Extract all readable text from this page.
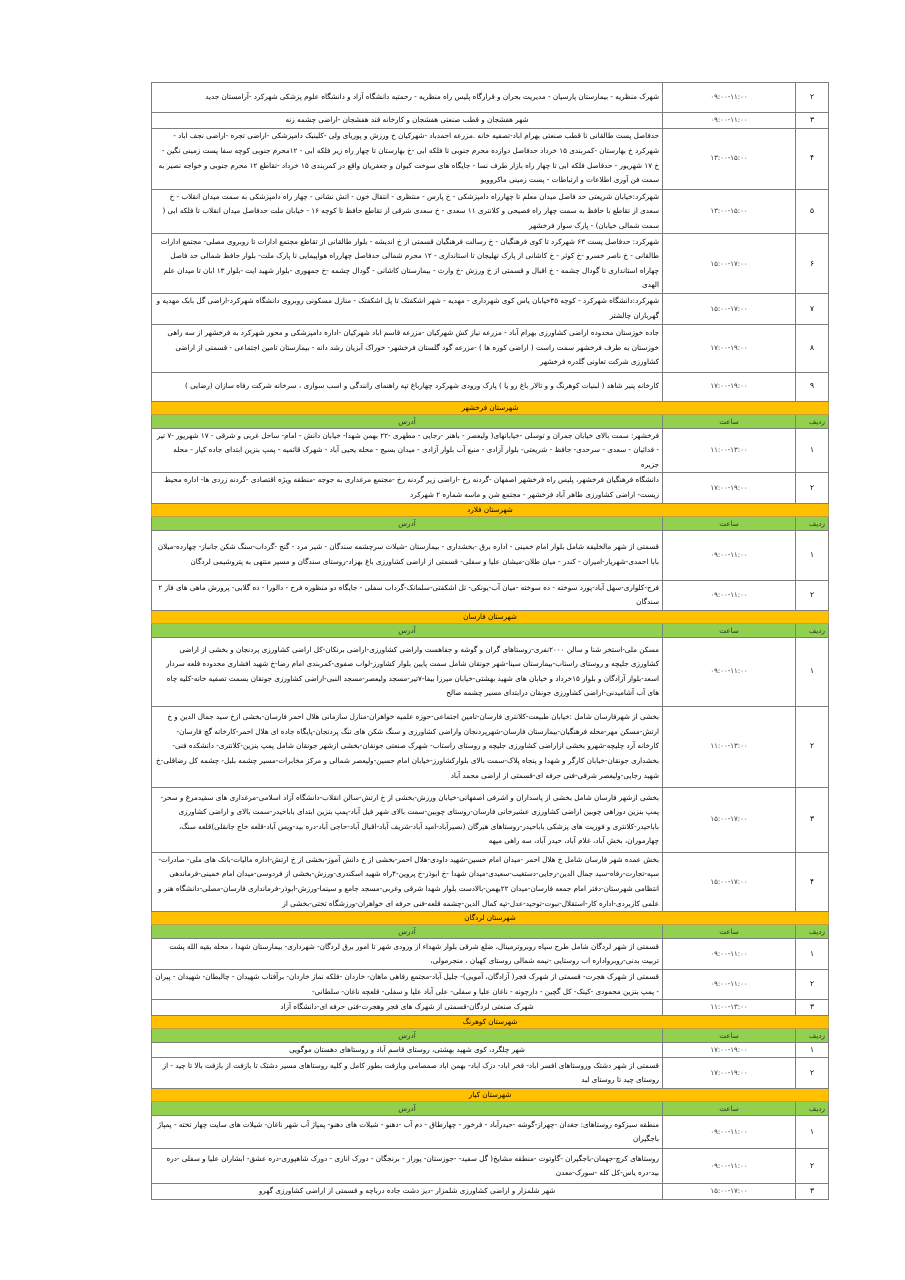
۲	۰۹:۰۰-۱۱:۰۰	شهرک منظریه - بیمارستان پارسیان - مدیریت بحران و قرارگاه پلیس راه منظریه - رحمتیه دانشگاه آزاد و دانشگاه علوم پزشکی شهرکرد -آرامستان جدید
۳	۰۹:۰۰-۱۱:۰۰	شهر هفشجان و قطب صنعتی هفشجان و کارخانه قند هفشجان -اراضی چشمه زنه
۴	۱۳:۰۰-۱۵:۰۰	حدفاصل پست طالقانی تا قطب صنعتی بهرام اباد-تصفیه خانه .مزرعه احمدباد -شهرکیان خ ورزش و پوریای ولی -کلینیک دامپزشکی -اراضی تجره -اراضی نجف اباد - شهرکرد خ بهارستان -کمربندی ۱۵ خرداد حدفاصل دوازده محرم جنوبی تا فلکه ابی -خ بهارستان تا چهار راه زیر فلکه ابی - ۱۲محرم جنوبی کوچه سفا پست زمینی نگین - خ ۱۷ شهریور - حدفاصل فلکه ابی تا چهار راه بازار طرف نسا - جایگاه های سوخت کیوان و جعفریان واقع در کمربندی ۱۵ خرداد -تقاطع ۱۲ محرم جنوبی و خواجه نصیر به سمت فن آوری اطلاعات و ارتباطات - پست زمینی ماکروویو
۵	۱۳:۰۰-۱۵:۰۰	شهرکرد:خیابان شریعتی حد فاصل میدان معلم تا چهارراه دامپزشکی - خ پارس - منتظری - انتقال خون - اتش نشانی - چهار راه دامپزشکی به سمت میدان انقلاب - خ سعدی از تقاطع با حافظ به سمت چهار راه فصیحی و کلانتری ۱۱ سعدی - خ سعدی شرقی از تقاطع حافظ تا کوچه ۱۶ - خیابان ملت حدفاصل میدان انقلاب تا فلکه ابی ( سمت شمالی خیابان) - پارک سوار فرخشهر
۶	۱۵:۰۰-۱۷:۰۰	شهرکرد: حدفاصل پست ۶۳ شهرکرد تا کوی فرهنگیان - خ رسالت فرهنگیان قسمتی از خ اندیشه - بلوار طالقانی از تقاطع مجتمع ادارات تا روبروی مصلی- مجتمع ادارات طالقانی - خ ناصر خسرو -خ کوثر - خ کاشانی از پارک تهلیجان تا استانداری - ۱۲ محرم شمالی حدفاصل چهارراه هواپیمایی تا پارک ملت- بلوار حافظ شمالی حد فاصل چهاراه استانداری تا گودال چشمه - خ اقبال و قسمتی از خ ورزش -خ وارث - بیمارستان کاشانی - گودال چشمه -خ جمهوری -بلوار شهید ایت -بلوار ۱۳ ابان تا میدان علم الهدی
۷	۱۵:۰۰-۱۷:۰۰	شهرکرد:دانشگاه شهرکرد - کوچه ۴۵خیابان یاس کوی شهرداری - مهدیه - شهر اشکفتک تا پل اشکفتک - منازل مسکونی روبروی دانشگاه شهرکرد-اراضی گل بابک مهدیه و گهرباران چالشتر
۸	۱۷:۰۰-۱۹:۰۰	جاده خوزستان محدوده اراضی کشاورزی بهرام آباد - مزرعه نیاز کش شهرکیان -مزرعه قاسم اباد شهرکیان -اداره دامپزشکی و محور شهرکرد به فرخشهر از سه راهی خوزستان به طرف فرخشهر سمت راست ( اراضی کوره ها ) -مزرعه گود گلستان فرخشهر- خوراک آبزیان رشد دانه - بیمارستان تامین اجتماعی - قسمتی از اراضی کشاورزی شرکت تعاونی گلدره فرخشهر
۹	۱۷:۰۰-۱۹:۰۰	کارخانه پنیر شاهد ( لبنیات کوهرنگ و و تالار باغ رو یا ) پارک ورودی شهرکرد چهارباغ تپه راهنمای رانندگی و اسب سواری ، سرخانه شرکت رفاه سازان (رضایی )
شهرستان فرخشهر		
ردیف	ساعت	آدرس
۱	۱۱:۰۰-۱۳:۰۰	فرخشهر: سمت بالای خیابان جمران و توسلی -خیابانهای( ولیعصر - باهنر -رجایی - مطهری -۲۲ بهمن شهدا- خیابان دانش - امام- ساحل غربی و شرقی - ۱۷ شهریور -۷ تیر - فدائیان - سعدی - سرحدی- حافظ - شریعتی- بلوار آزادی - منبع آب بلوار آزادی - میدان بسیج - محله یحیی آباد - شهرک قائمیه - پمپ بنزین ابتدای جاده کیار - محله جزیره
۲	۱۷:۰۰-۱۹:۰۰	دانشگاه فرهنگیان فرخشهر، پلیس راه فرخشهر اصفهان -گردنه رخ -اراضی زیر گردنه رخ -مجتمع مرغداری به جوجه -منطقه ویژه اقتصادی -گردنه زردی ها- اداره محیط زیست- اراضی کشاورزی طاهر آباد فرخشهر - مجتمع شن و ماسه شماره ۲ شهرکرد
شهرستان فلارد		
ردیف	ساعت	آدرس
۱	۰۹:۰۰-۱۱:۰۰	قسمتی از شهر مالخلیفه شامل بلوار امام خمینی - اداره برق -بخشداری - بیمارستان -شیلات سرچشمه سندگان - شیر مرد - گنج -گرداب-سنگ شکن جانباز- چهارده-میلان بابا احمدی-شهریار-امیران - کندر - میان طلان-میشان علیا و سفلی- قسمتی از اراضی کشاورزی باغ بهزاد-روستای سندگان و مسیر منتهی به پتروشیمی لردگان
۲	۰۹:۰۰-۱۱:۰۰	فرح-کلواری-سهل آباد-پورد سوخته - ده سوخته -میان آب-یونکی- تل اشکفتی-سلمانک-گرداب سفلی - جایگاه دو منظوره فرح - دالورا - ده گلابی- پرورش ماهی های فاز ۲ سندگان
شهرستان فارسان		
ردیف	ساعت	آدرس
۱	۰۹:۰۰-۱۱:۰۰	مسکن ملی-استخر شنا و سالن ۲۰۰۰نفری-روستاهای گران و گوشه و جفاهست واراضی کشاورزی-اراضی برنکان-کل اراضی کشاورزی پردنجان و بخشی از اراضی کشاورزی جلیچه و روستای راستاب-بیمارستان سینا-شهر جونقان شامل سمت پایین بلوار کشاورز-لواب صفوی-کمربندی امام رضا-خ شهید افشاری محدوده قلعه سردار اسعد-بلوار آزادگان و بلوار ۱۵خرداد و خیابان های شهید بهشتی-خیابان میرزا بیفا-۷تیر-مسجد ولیعصر-مسجد النبی-اراضی کشاورزی جونقان بسمت تصفیه خانه-کلیه چاه های آب آشامیدنی-اراضی کشاورزی جونقان درابتدای مسیر چشمه صالح
۲	۱۱:۰۰-۱۳:۰۰	بخشی از شهرفارسان شامل :خیابان طبیعت-کلانتری فارسان-تامین اجتماعی-حوزه علمیه خواهران-منازل سازمانی هلال احمر فارسان-بخشی ازخ سید جمال الدین و خ ارتش-مسکن مهر-محله فرهنگیان-بیمارستان فارسان-شهرپردنجان واراضی کشاورزی و سنگ شکن های تنگ پردنجان-پایگاه جاده ای هلال احمر-کارخانه گچ فارسان-کارخانه آرد چلیچه-شهرو بخشی ازاراضی کشاورزی جلیچه و روستای راستاب- شهرک صنعتی جونقان-بخشی ازشهر جونقان شامل پمپ بنزین-کلانتری- دانشکده فنی-بخشداری جونقان-خیابان کارگر و شهدا و پنجاه پلاک-سمت بالای بلوارکشاورز-خیابان امام حسین-ولیعصر شمالی و مرکز مخابرات-مسیر چشمه بلبل- چشمه کل رضاقلی-خ شهید رجایی-ولیعصر شرقی-فنی حرفه ای-قسمتی از اراضی محمد آباد
۳	۱۵:۰۰-۱۷:۰۰	بخشی ازشهر فارسان شامل بخشی از پاسداران و اشرفی اصفهانی-خیابان ورزش-بخشی از خ ارتش-سالن انقلاب-دانشگاه آزاد اسلامی-مرغداری های سفیدمرغ و سحر-پمپ بنزین دوراهی چوبین اراضی کشاورزی عشیرخانی فارسان-روستای چوبین-سمت بالای شهر فیل آباد-پمپ بنزین ابتدای باباحیدر-سمت بالای و اراضی کشاورزی باباحیدر-کلانتری و فوریت های پزشکی باباحیدر-روستاهای هیرگان (نصیرآباد-امید آباد-شریف آباد-اقبال آباد-حاجی آباد-دره بید-ویس آباد-قلعه حاج جانقلی)قلعه سنگ، چهارموران، بخش آباد، غلام آباد، حیدر آباد، سه راهی میهه
۴	۱۵:۰۰-۱۷:۰۰	بخش عمده شهر فارسان شامل خ هلال احمر -میدان امام حسین-شهید داودی-هلال احمر-بخشی از خ دانش آموز-بخشی از خ ارتش-اداره مالیات-بانک های ملی- صادرات-سپه-تجارت-رفاه-سید جمال الدین-رجایی-دستغیب-سعیدی-میدان شهدا -خ ابوذر-خ پروین-۴راه شهید اسکندری-ورزش-بخشی از فردوسی-میدان امام خمینی-فرماندهی انتظامی شهرستان-دفتر امام جمعه فارسان-میدان ۲۲بهمن-بالادست بلوار شهدا شرقی وغربی-مسجد جامع و سینما-ورزش-ابوذر-فرمانداری فارسان-مصلی-دانشگاه هنر و علمی کاربردی-اداره کار-استقلال-نبوت-توحید-عدل-تپه کمال الدین-چشمه قلعه-فنی حرفه ای خواهران-ورزشگاه تختی-بخشی از
شهرستان لردگان		
ردیف	ساعت	آدرس
۱	۰۹:۰۰-۱۱:۰۰	قسمتی از شهر لردگان شامل طرح سپاه روبروترمینال، ضلع شرقی بلوار شهداء از ورودی شهر تا امور برق لردگان- شهرداری- بیمارستان شهدا ، محله بقیه الله پشت تربیت بدنی-روبرواداره اب روستایی -نیمه شمالی روستای کهیان ، منجرمولی،
۲	۰۹:۰۰-۱۱:۰۰	قسمتی از شهرک هجرت- قسمتی از شهرک فجر( آزادگان، آمویی)- جلیل آباد-مجتمع رفاهی ماهان- خاردان -فلکه نماز خاردان- برآفتاب شهیدان - چالبطان- شهیدان - پیران - پمپ بنزین محمودی -کینک- کل گچین - دارچونه - ناغان علیا و سفلی- علی آباد علیا و سفلی- قلعچه ناغان- سلطانی-
۳	۱۱:۰۰-۱۳:۰۰	شهرک صنعتی لردگان-قسمتی از شهرک های فجر وهجرت-فنی حرفه ای-دانشگاه آزاد
شهرستان کوهرنگ		
ردیف	ساعت	آدرس
۱	۱۷:۰۰-۱۹:۰۰	شهر چلگرد، کوی شهید بهشتی، روستای قاسم آباد و روستاهای دهستان موگویی
۲	۱۷:۰۰-۱۹:۰۰	قسمتی از شهر دشتک وروستاهای افسر اباد- فخر اباد- دزک اباد- بهمن اباد صمصامی وبازفت بطور کامل و کلیه روستاهای مسیر دشتک تا بازفت از بازفت بالا تا چید - از روستای چید تا روستای لبد
شهرستان کیار		
ردیف	ساعت	آدرس
۱	۰۹:۰۰-۱۱:۰۰	منطقه سبزکوه روستاهای: جغدان -چهراز-گوشه -حیدرآباد - فرخور - چهارطاق - دم آب -دهنو - شیلات های دهنو- پمپاژ آب شهر ناغان- شیلات های سایت چهار تخته - پمپاژ باجگیران
۲	۰۹:۰۰-۱۱:۰۰	روستاهای کرچ-جهمان-باجگیران -گاوتوت -منطقه مشایخ( گل سفید- -جوزستان- پوراز - برنجگان - دورک اناری - دورک شاهپوری-دره عشق- ابشاران علیا و سفلی -دره بید-دره یاس-کل کله -سورک-معدن
۳	۱۵:۰۰-۱۷:۰۰	شهر شلمزار و اراضی کشاورزی شلمزار -دیز دشت جاده درباچه و قسمتی از اراضی کشاورزی گهرو
